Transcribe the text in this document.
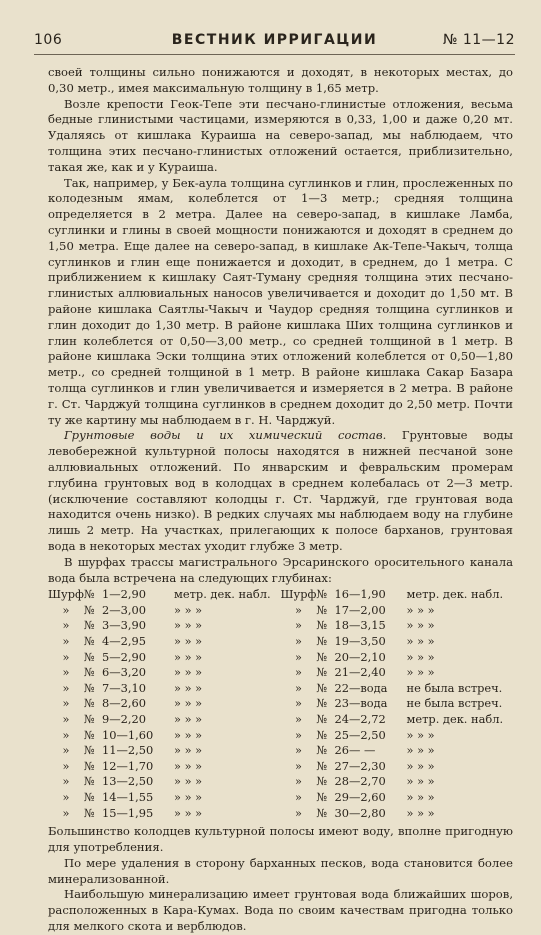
106	ВЕСТНИК ИРРИГАЦИИ	№ 11—12

своей толщины сильно понижаются и доходят, в некоторых местах, до 0,30 метр., имея максимальную толщину в 1,65 метр.

Возле крепости Геок-Тепе эти песчано-глинистые отложения, весьма бедные глинистыми частицами, измеряются в 0,33, 1,00 и даже 0,20 мт. Удаляясь от кишлака Кураиша на северо-запад, мы наблюдаем, что толщина этих песчано-глинистых отложений остается, приблизительно, такая же, как и у Кураиша.

Так, например, у Бек-аула толщина суглинков и глин, прослеженных по колодезным ямам, колеблется от 1—3 метр.; средняя толщина определяется в 2 метра. Далее на северо-запад, в кишлаке Ламба, суглинки и глины в своей мощности понижаются и доходят в среднем до 1,50 метра. Еще далее на северо-запад, в кишлаке Ак-Тепе-Чакыч, толща суглинков и глин еще понижается и доходит, в среднем, до 1 метра. С приближением к кишлаку Саят-Туману средняя толщина этих песчано-глинистых аллювиальных наносов увеличивается и доходит до 1,50 мт. В районе кишлака Саятлы-Чакыч и Чаудор средняя толщина суглинков и глин доходит до 1,30 метр. В районе кишлака Ших толщина суглинков и глин колеблется от 0,50—3,00 метр., со средней толщиной в 1 метр. В районе кишлака Эски толщина этих отложений колеблется от 0,50—1,80 метр., со средней толщиной в 1 метр. В районе кишлака Сакар Базара толща суглинков и глин увеличивается и измеряется в 2 метра. В районе г. Ст. Чарджуй толщина суглинков в среднем доходит до 2,50 метр. Почти ту же картину мы наблюдаем в г. Н. Чарджуй.

Грунтовые воды и их химический состав. Грунтовые воды левобережной культурной полосы находятся в нижней песчаной зоне аллювиальных отложений. По январским и февральским промерам глубина грунтовых вод в колодцах в среднем колебалась от 2—3 метр. (исключение составляют колодцы г. Ст. Чарджуй, где грунтовая вода находится очень низко). В редких случаях мы наблюдаем воду на глубине лишь 2 метр. На участках, прилегающих к полосе барханов, грунтовая вода в некоторых местах уходит глубже 3 метр.

В шурфах трассы магистрального Эрсаринского оросительного канала вода была встречена на следующих глубинах:

Шурф № 1—2,90	метр. дек. набл.
»	№ 2—3,00	» » »
»	№ 3—3,90	» » »
»	№ 4—2,95	» » »
»	№ 5—2,90	» » »
»	№ 6—3,20	» » »
»	№ 7—3,10	» » »
»	№ 8—2,60	» » »
»	№ 9—2,20	» » »
»	№ 10—1,60	» » »
»	№ 11—2,50	» » »
»	№ 12—1,70	» » »
»	№ 13—2,50	» » »
»	№ 14—1,55	» » »
»	№ 15—1,95	» » »
Шурф № 16—1,90	метр. дек. набл.
»	№ 17—2,00	» » »
»	№ 18—3,15	» » »
»	№ 19—3,50	» » »
»	№ 20—2,10	» » »
»	№ 21—2,40	» » »
»	№ 22—вода	не была встреч.
»	№ 23—вода	не была встреч.
»	№ 24—2,72	метр. дек. набл.
»	№ 25—2,50	» » »
»	№ 26— —	» » »
»	№ 27—2,30	» » »
»	№ 28—2,70	» » »
»	№ 29—2,60	» » »
»	№ 30—2,80	» » »

Большинство колодцев культурной полосы имеют воду, вполне пригодную для употребления.

По мере удаления в сторону барханных песков, вода становится более минерализованной.

Наибольшую минерализацию имеет грунтовая вода ближайших шоров, расположенных в Кара-Кумах. Вода по своим качествам пригодна только для мелкого скота и верблюдов.
